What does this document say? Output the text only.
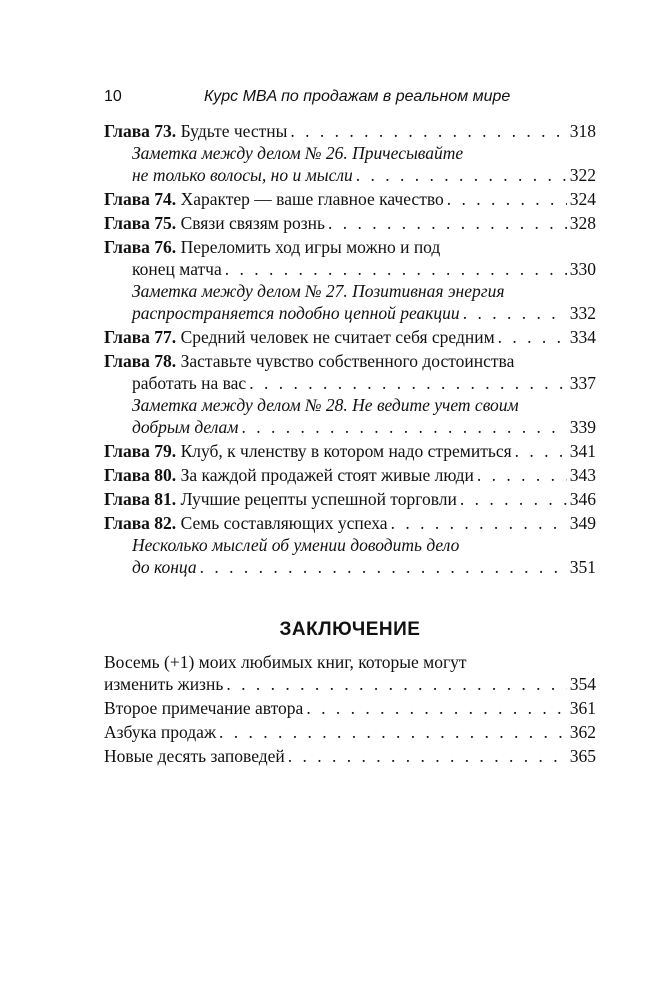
10	Курс MBA по продажам в реальном мире
Глава 73. Будьте честны . . .	318
Заметка между делом № 26. Причесывайте
не только волосы, но и мысли . . .	322
Глава 74. Характер — ваше главное качество . . .	324
Глава 75. Связи связям рознь . . .	328
Глава 76. Переломить ход игры можно и под
конец матча . . .	330
Заметка между делом № 27. Позитивная энергия
распространяется подобно цепной реакции . . .	332
Глава 77. Средний человек не считает себя средним . . .	334
Глава 78. Заставьте чувство собственного достоинства
работать на вас . . .	337
Заметка между делом № 28. Не ведите учет своим
добрым делам . . .	339
Глава 79. Клуб, к членству в котором надо стремиться . . .	341
Глава 80. За каждой продажей стоят живые люди . . .	343
Глава 81. Лучшие рецепты успешной торговли . . .	346
Глава 82. Семь составляющих успеха . . .	349
Несколько мыслей об умении доводить дело
до конца . . .	351
ЗАКЛЮЧЕНИЕ
Восемь (+1) моих любимых книг, которые могут
изменить жизнь . . .	354
Второе примечание автора . . .	361
Азбука продаж . . .	362
Новые десять заповедей . . .	365
